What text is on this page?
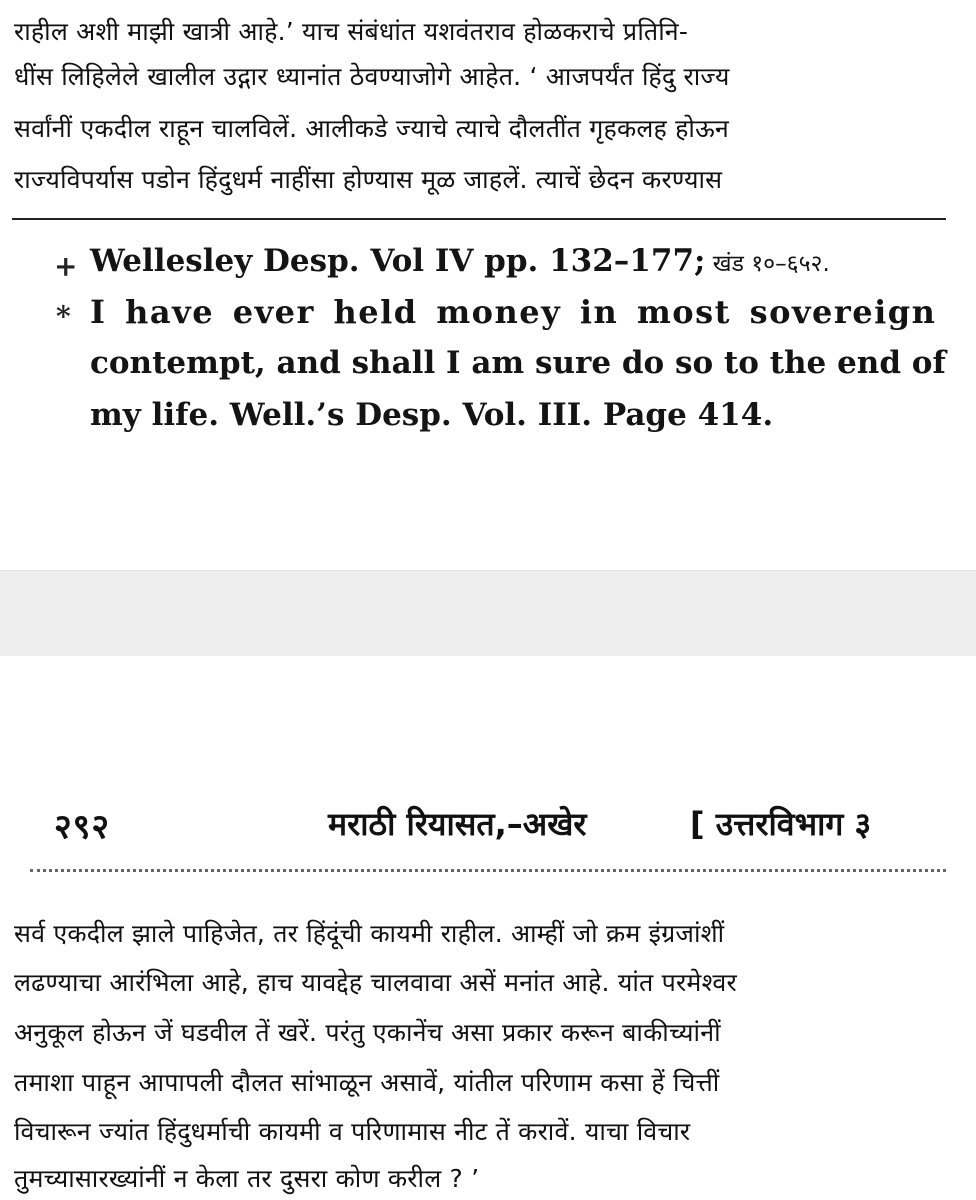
राहील अशी माझी खात्री आहे.’ याच संबंधांत यशवंतराव होळकराचे प्रतिनि-
धींस लिहिलेले खालील उद्गार ध्यानांत ठेवण्याजोगे आहेत. ‘ आजपर्यंत हिंदु राज्य
सर्वांनीं एकदील राहून चालविलें. आलीकडे ज्याचे त्याचे दौलतींत गृहकलह होऊन
राज्यविपर्यास पडोन हिंदुधर्म नाहींसा होण्यास मूळ जाहलें. त्याचें छेदन करण्यास
+ Wellesley Desp. Vol IV pp. 132–177; खंड १०–६५२.
* I have ever held money in most sovereign
contempt, and shall I am sure do so to the end of
my life. Well.’s Desp. Vol. III. Page 414.
२९२	मराठी रियासत,–अखेर	[ उत्तरविभाग ३
सर्व एकदील झाले पाहिजेत, तर हिंदूंची कायमी राहील. आम्हीं जो क्रम इंग्रजांशीं
लढण्याचा आरंभिला आहे, हाच यावद्देह चालवावा असें मनांत आहे. यांत परमेश्वर
अनुकूल होऊन जें घडवील तें खरें. परंतु एकानेंच असा प्रकार करून बाकीच्यांनीं
तमाशा पाहून आपापली दौलत सांभाळून असावें, यांतील परिणाम कसा हें चित्तीं
विचारून ज्यांत हिंदुधर्माची कायमी व परिणामास नीट तें करावें. याचा विचार
तुमच्यासारख्यांनीं न केला तर दुसरा कोण करील ? ’
